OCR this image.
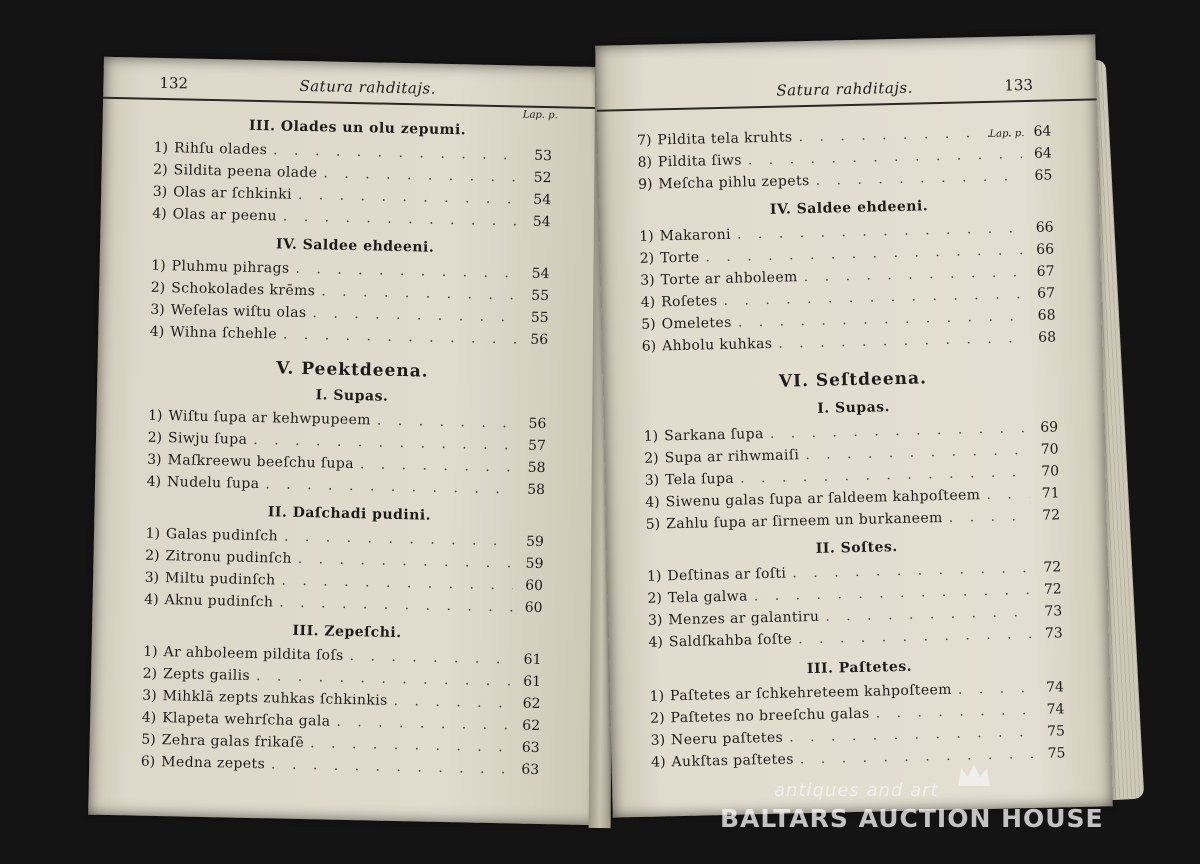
132	Satura rahditajs.
Lap. p.
III. Olades un olu zepumi.
1) Rihſu olades . . .	53
2) Sildita peena olade . . .	52
3) Olas ar ſchkinki . . .	54
4) Olas ar peenu . . .	54
IV. Saldee ehdeeni.
1) Pluhmu pihrags . . .	54
2) Schokolades krēms . . .	55
3) Weſelas wiſtu olas . . .	55
4) Wihna ſchehle . . .	56
V. Peektdeena.
I. Supas.
1) Wiſtu ſupa ar kehwpupeem . . .	56
2) Siwju ſupa . . .	57
3) Maſkreewu beeſchu ſupa . . .	58
4) Nudelu ſupa . . .	58
II. Daſchadi pudini.
1) Galas pudinſch . . .	59
2) Zitronu pudinſch . . .	59
3) Miltu pudinſch . . .	60
4) Aknu pudinſch . . .	60
III. Zepeſchi.
1) Ar ahboleem pildita ſoſs . . .	61
2) Zepts gailis . . .	61
3) Mihklā zepts zuhkas ſchkinkis . . .	62
4) Klapeta wehrſcha gala . . .	62
5) Zehra galas frikaſē . . .	63
6) Medna zepets . . .	63
Satura rahditajs.	133
Lap. p.
7) Pildita tela kruhts . . .	64
8) Pildita ſiws . . .	64
9) Meſcha pihlu zepets . . .	65
IV. Saldee ehdeeni.
1) Makaroni . . .	66
2) Torte . . .	66
3) Torte ar ahboleem . . .	67
4) Roſetes . . .	67
5) Omeletes . . .	68
6) Ahbolu kuhkas . . .	68
VI. Seſtdeena.
I. Supas.
1) Sarkana ſupa . . .	69
2) Supa ar rihwmaiſi . . .	70
3) Tela ſupa . . .	70
4) Siwenu galas ſupa ar ſaldeem kahpoſteem . . .	71
5) Zahlu ſupa ar ſirneem un burkaneem . . .	72
II. Soſtes.
1) Deſtinas ar ſoſti . . .	72
2) Tela galwa . . .	72
3) Menzes ar galantiru . . .	73
4) Saldſkahba ſoſte . . .	73
III. Paſtetes.
1) Paſtetes ar ſchkehreteem kahpoſteem . . .	74
2) Paſtetes no breeſchu galas . . .	74
3) Neeru paſtetes . . .	75
4) Aukſtas paſtetes . . .	75
antiques and art
BALTARS AUCTION HOUSE
